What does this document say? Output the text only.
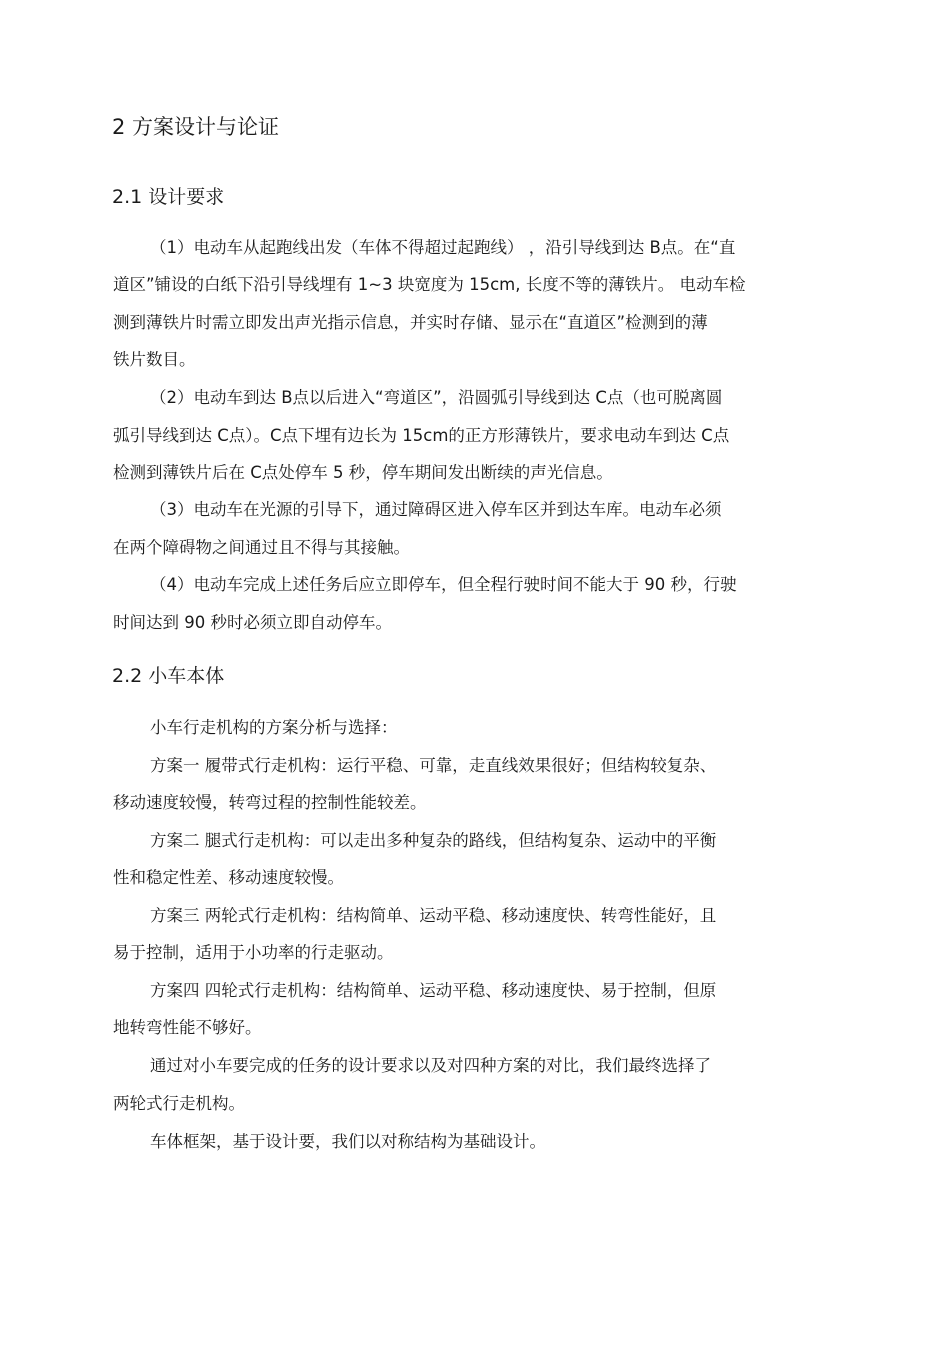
2 方案设计与论证
2.1 设计要求
（1）电动车从起跑线出发（车体不得超过起跑线） ，沿引导线到达 B点。在“直
道区”铺设的白纸下沿引导线埋有 1~3 块宽度为 15cm, 长度不等的薄铁片。 电动车检
测到薄铁片时需立即发出声光指示信息，并实时存储、显示在“直道区”检测到的薄
铁片数目。
（2）电动车到达 B点以后进入“弯道区”，沿圆弧引导线到达 C点（也可脱离圆
弧引导线到达 C点）。C点下埋有边长为 15cm的正方形薄铁片，要求电动车到达 C点
检测到薄铁片后在 C点处停车 5 秒，停车期间发出断续的声光信息。
（3）电动车在光源的引导下，通过障碍区进入停车区并到达车库。电动车必须
在两个障碍物之间通过且不得与其接触。
（4）电动车完成上述任务后应立即停车，但全程行驶时间不能大于 90 秒，行驶
时间达到 90 秒时必须立即自动停车。
2.2 小车本体
小车行走机构的方案分析与选择：
方案一 履带式行走机构：运行平稳、可靠，走直线效果很好；但结构较复杂、
移动速度较慢，转弯过程的控制性能较差。
方案二 腿式行走机构：可以走出多种复杂的路线，但结构复杂、运动中的平衡
性和稳定性差、移动速度较慢。
方案三 两轮式行走机构：结构简单、运动平稳、移动速度快、转弯性能好，且
易于控制，适用于小功率的行走驱动。
方案四 四轮式行走机构：结构简单、运动平稳、移动速度快、易于控制，但原
地转弯性能不够好。
通过对小车要完成的任务的设计要求以及对四种方案的对比，我们最终选择了
两轮式行走机构。
车体框架，基于设计要，我们以对称结构为基础设计。
